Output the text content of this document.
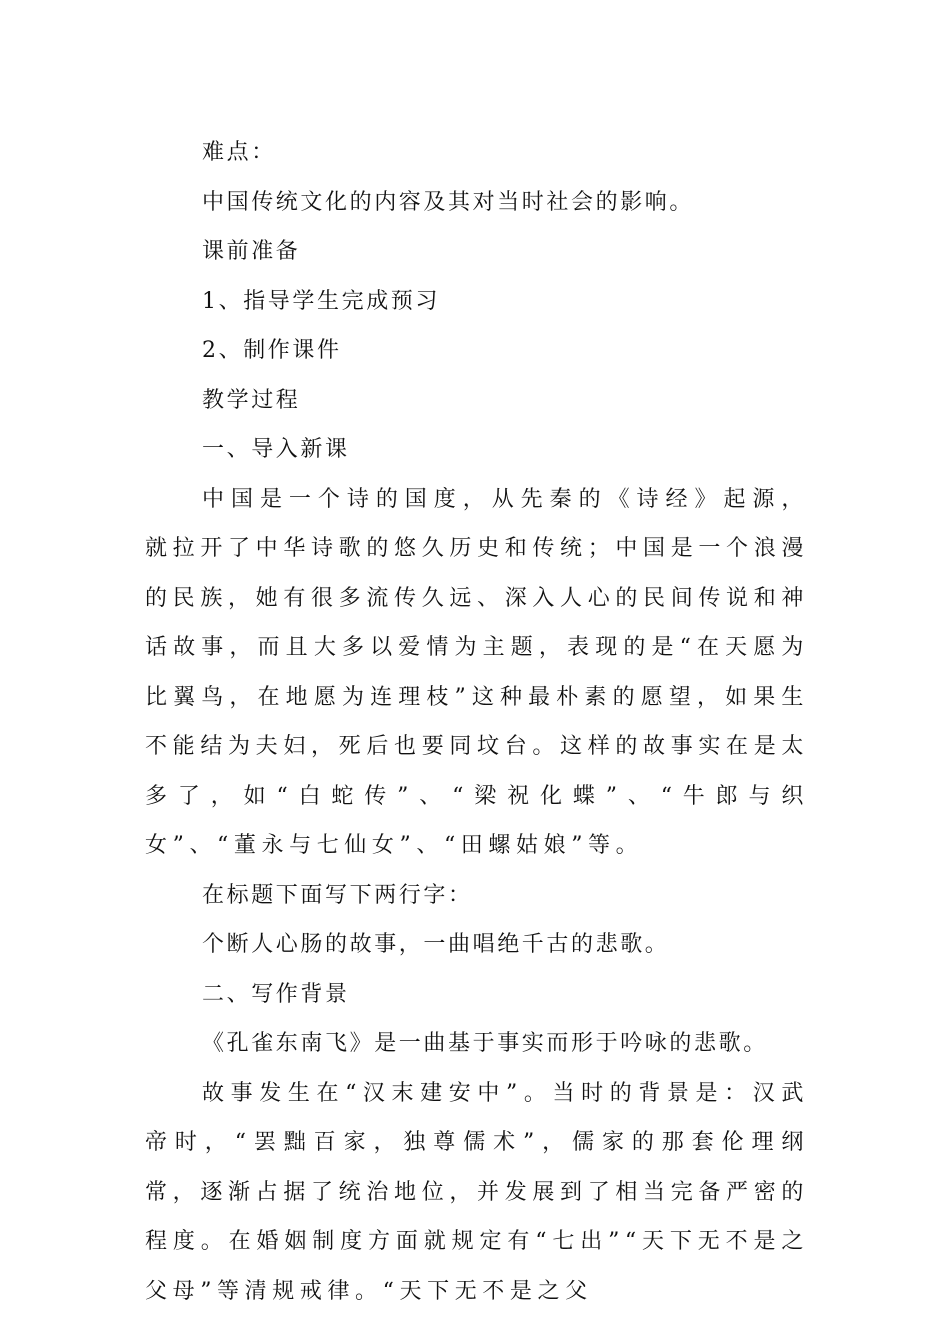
难点：
中国传统文化的内容及其对当时社会的影响。
课前准备
1、指导学生完成预习
2、制作课件
教学过程
一、导入新课

中国是一个诗的国度，从先秦的《诗经》起源，就拉开了中华诗歌的悠久历史和传统；中国是一个浪漫的民族，她有很多流传久远、深入人心的民间传说和神话故事，而且大多以爱情为主题，表现的是“在天愿为比翼鸟，在地愿为连理枝”这种最朴素的愿望，如果生不能结为夫妇，死后也要同坟台。这样的故事实在是太多了，如“白蛇传”、“梁祝化蝶”、“牛郎与织女”、“董永与七仙女”、“田螺姑娘”等。

在标题下面写下两行字：
个断人心肠的故事，一曲唱绝千古的悲歌。
二、写作背景

《孔雀东南飞》是一曲基于事实而形于吟咏的悲歌。

故事发生在“汉末建安中”。当时的背景是：汉武帝时，“罢黜百家，独尊儒术”，儒家的那套伦理纲常，逐渐占据了统治地位，并发展到了相当完备严密的程度。在婚姻制度方面就规定有“七出”“天下无不是之父母”等清规戒律。“天下无不是之父
